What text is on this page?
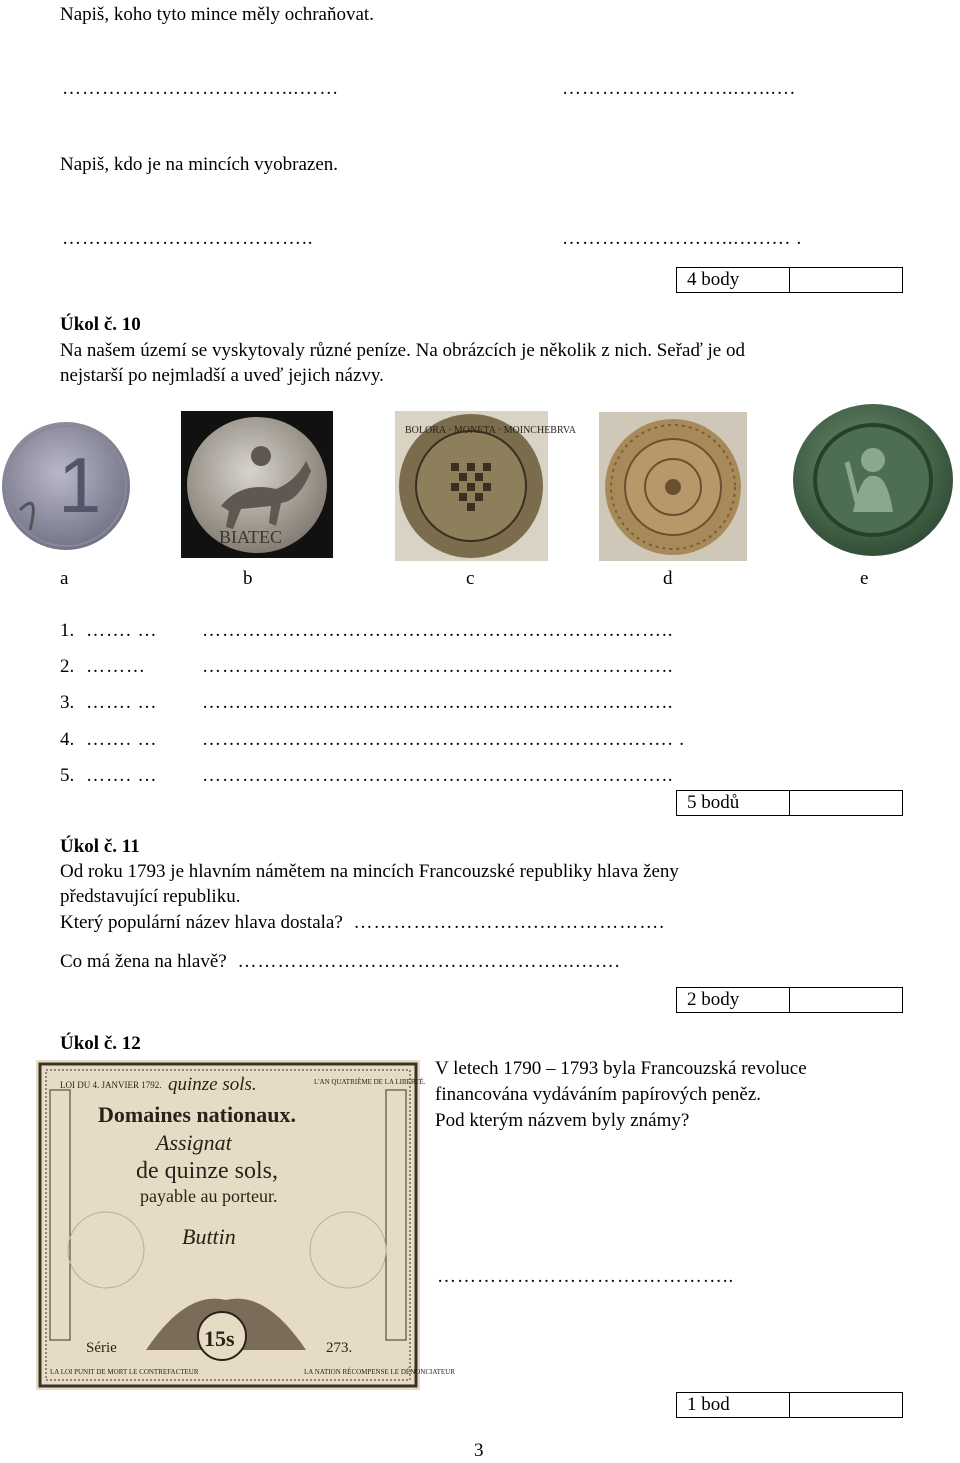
Napiš, koho tyto mince měly ochraňovat.
……………………………...……	……………………...…...…
Napiš, kdo je na mincích vyobrazen.
………………………………..	……………………...….…. .
4 body
Úkol č. 10
Na našem území se vyskytovaly různé peníze. Na obrázcích je několik z nich. Seřaď je od
nejstarší po nejmladší a uveď jejich názvy.
1
BIATEC
BOLORA · MONETA · MOINCHEBRVA
a	b	c	d	e
1. ……. … ……………………………………………………………..
2. ………	……………………………………………………………..
3. ……. … ……………………………………………………………..
4. ……. … ……………………………………………………….……. .
5. ……. … ……………………………………………………………..
5 bodů
Úkol č. 11
Od roku 1793 je hlavním námětem na mincích Francouzské republiky hlava ženy
představující republiku.
Který populární název hlava dostala? ……………………….……………….
Co má žena na hlavě? …………………………………………...…….
2 body
Úkol č. 12
LOI DU 4. JANVIER 1792. quinze sols.	L'AN QUATRIÈME DE LA LIBERTÉ.
Domaines nationaux.
Assignat
de quinze sols,
payable au porteur.
Buttin
15s
Série	273.
LA LOI PUNIT DE MORT LE CONTREFACTEUR	LA NATION RÉCOMPENSE LE DÉNONCIATEUR
V letech 1790 – 1793 byla Francouzská revoluce
financována vydáváním papírových peněz.
Pod kterým názvem byly známy?
………………………….…………..
1 bod
3
